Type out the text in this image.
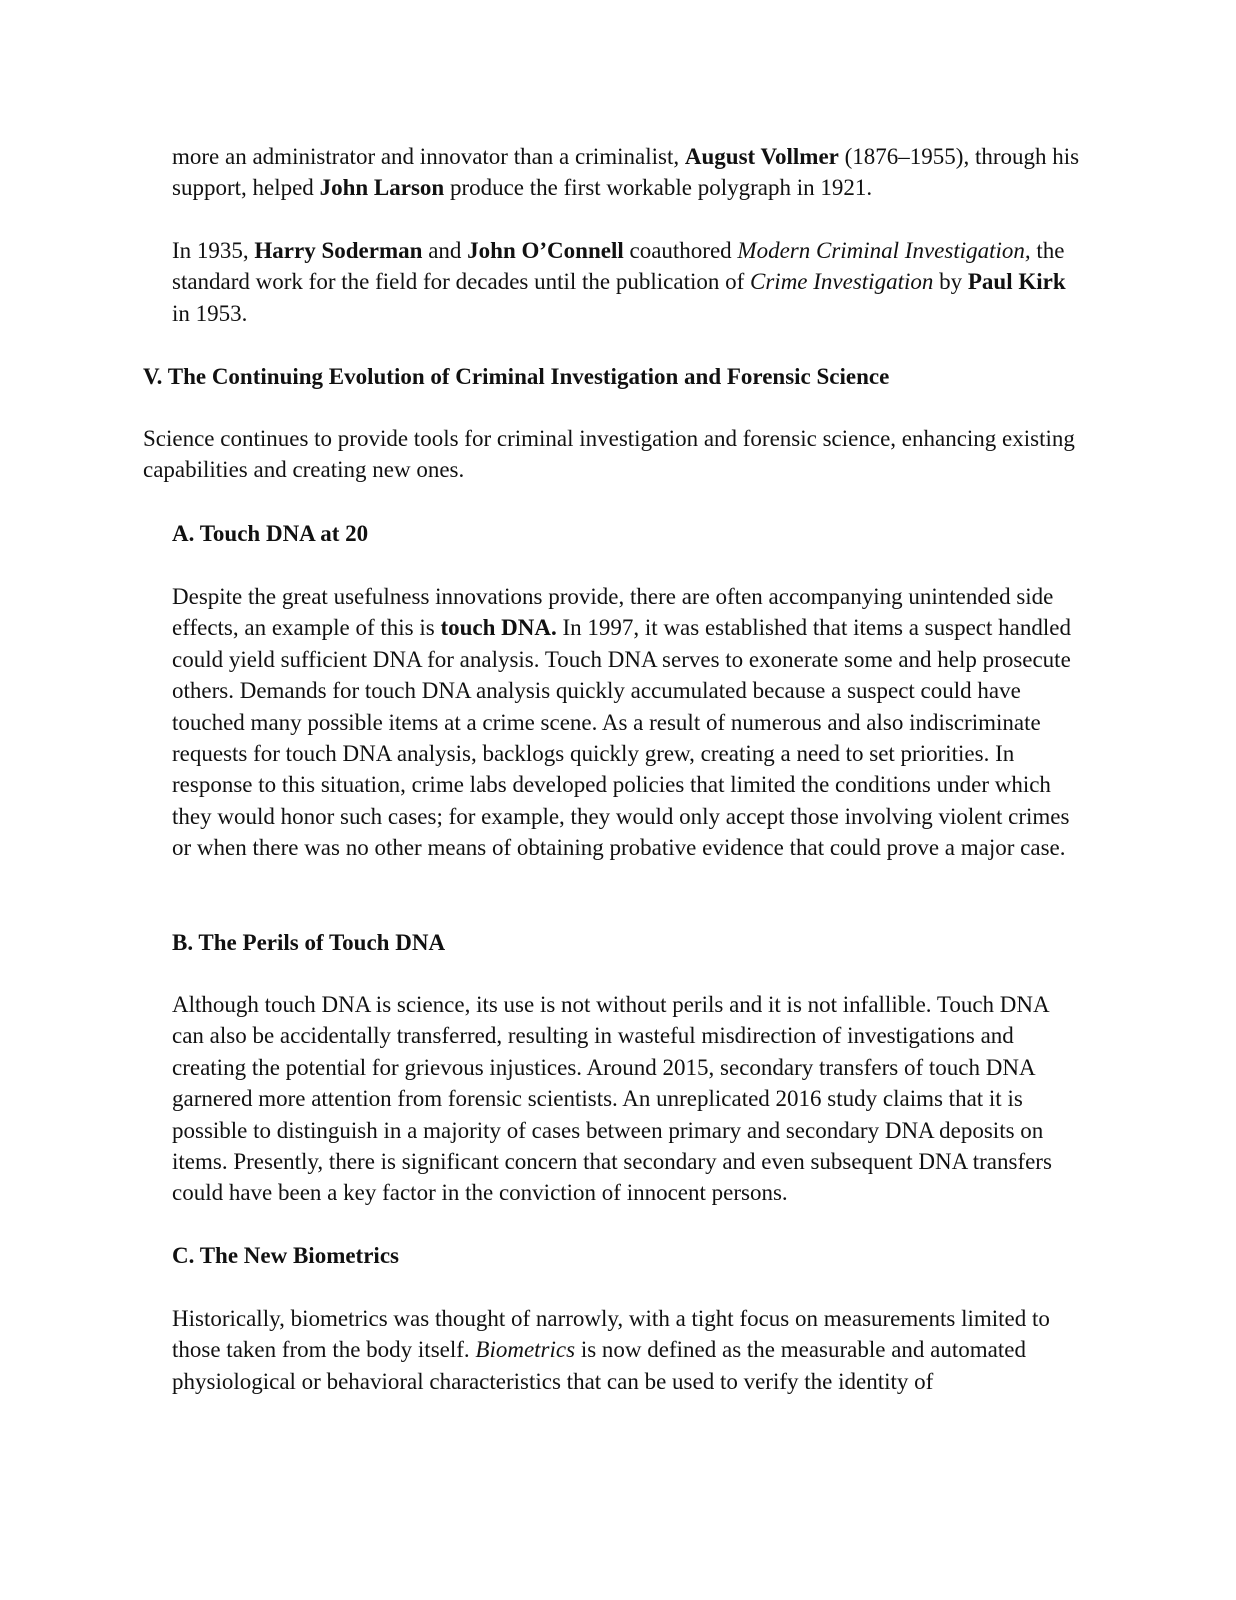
more an administrator and innovator than a criminalist, August Vollmer (1876–1955), through his support, helped John Larson produce the first workable polygraph in 1921.

In 1935, Harry Soderman and John O’Connell coauthored Modern Criminal Investigation, the standard work for the field for decades until the publication of Crime Investigation by Paul Kirk in 1953.

V. The Continuing Evolution of Criminal Investigation and Forensic Science

Science continues to provide tools for criminal investigation and forensic science, enhancing existing capabilities and creating new ones.

A. Touch DNA at 20

Despite the great usefulness innovations provide, there are often accompanying unintended side effects, an example of this is touch DNA. In 1997, it was established that items a suspect handled could yield sufficient DNA for analysis. Touch DNA serves to exonerate some and help prosecute others. Demands for touch DNA analysis quickly accumulated because a suspect could have touched many possible items at a crime scene. As a result of numerous and also indiscriminate requests for touch DNA analysis, backlogs quickly grew, creating a need to set priorities. In response to this situation, crime labs developed policies that limited the conditions under which they would honor such cases; for example, they would only accept those involving violent crimes or when there was no other means of obtaining probative evidence that could prove a major case.

B. The Perils of Touch DNA

Although touch DNA is science, its use is not without perils and it is not infallible. Touch DNA can also be accidentally transferred, resulting in wasteful misdirection of investigations and creating the potential for grievous injustices. Around 2015, secondary transfers of touch DNA garnered more attention from forensic scientists. An unreplicated 2016 study claims that it is possible to distinguish in a majority of cases between primary and secondary DNA deposits on items. Presently, there is significant concern that secondary and even subsequent DNA transfers could have been a key factor in the conviction of innocent persons.

C. The New Biometrics

Historically, biometrics was thought of narrowly, with a tight focus on measurements limited to those taken from the body itself. Biometrics is now defined as the measurable and automated physiological or behavioral characteristics that can be used to verify the identity of
